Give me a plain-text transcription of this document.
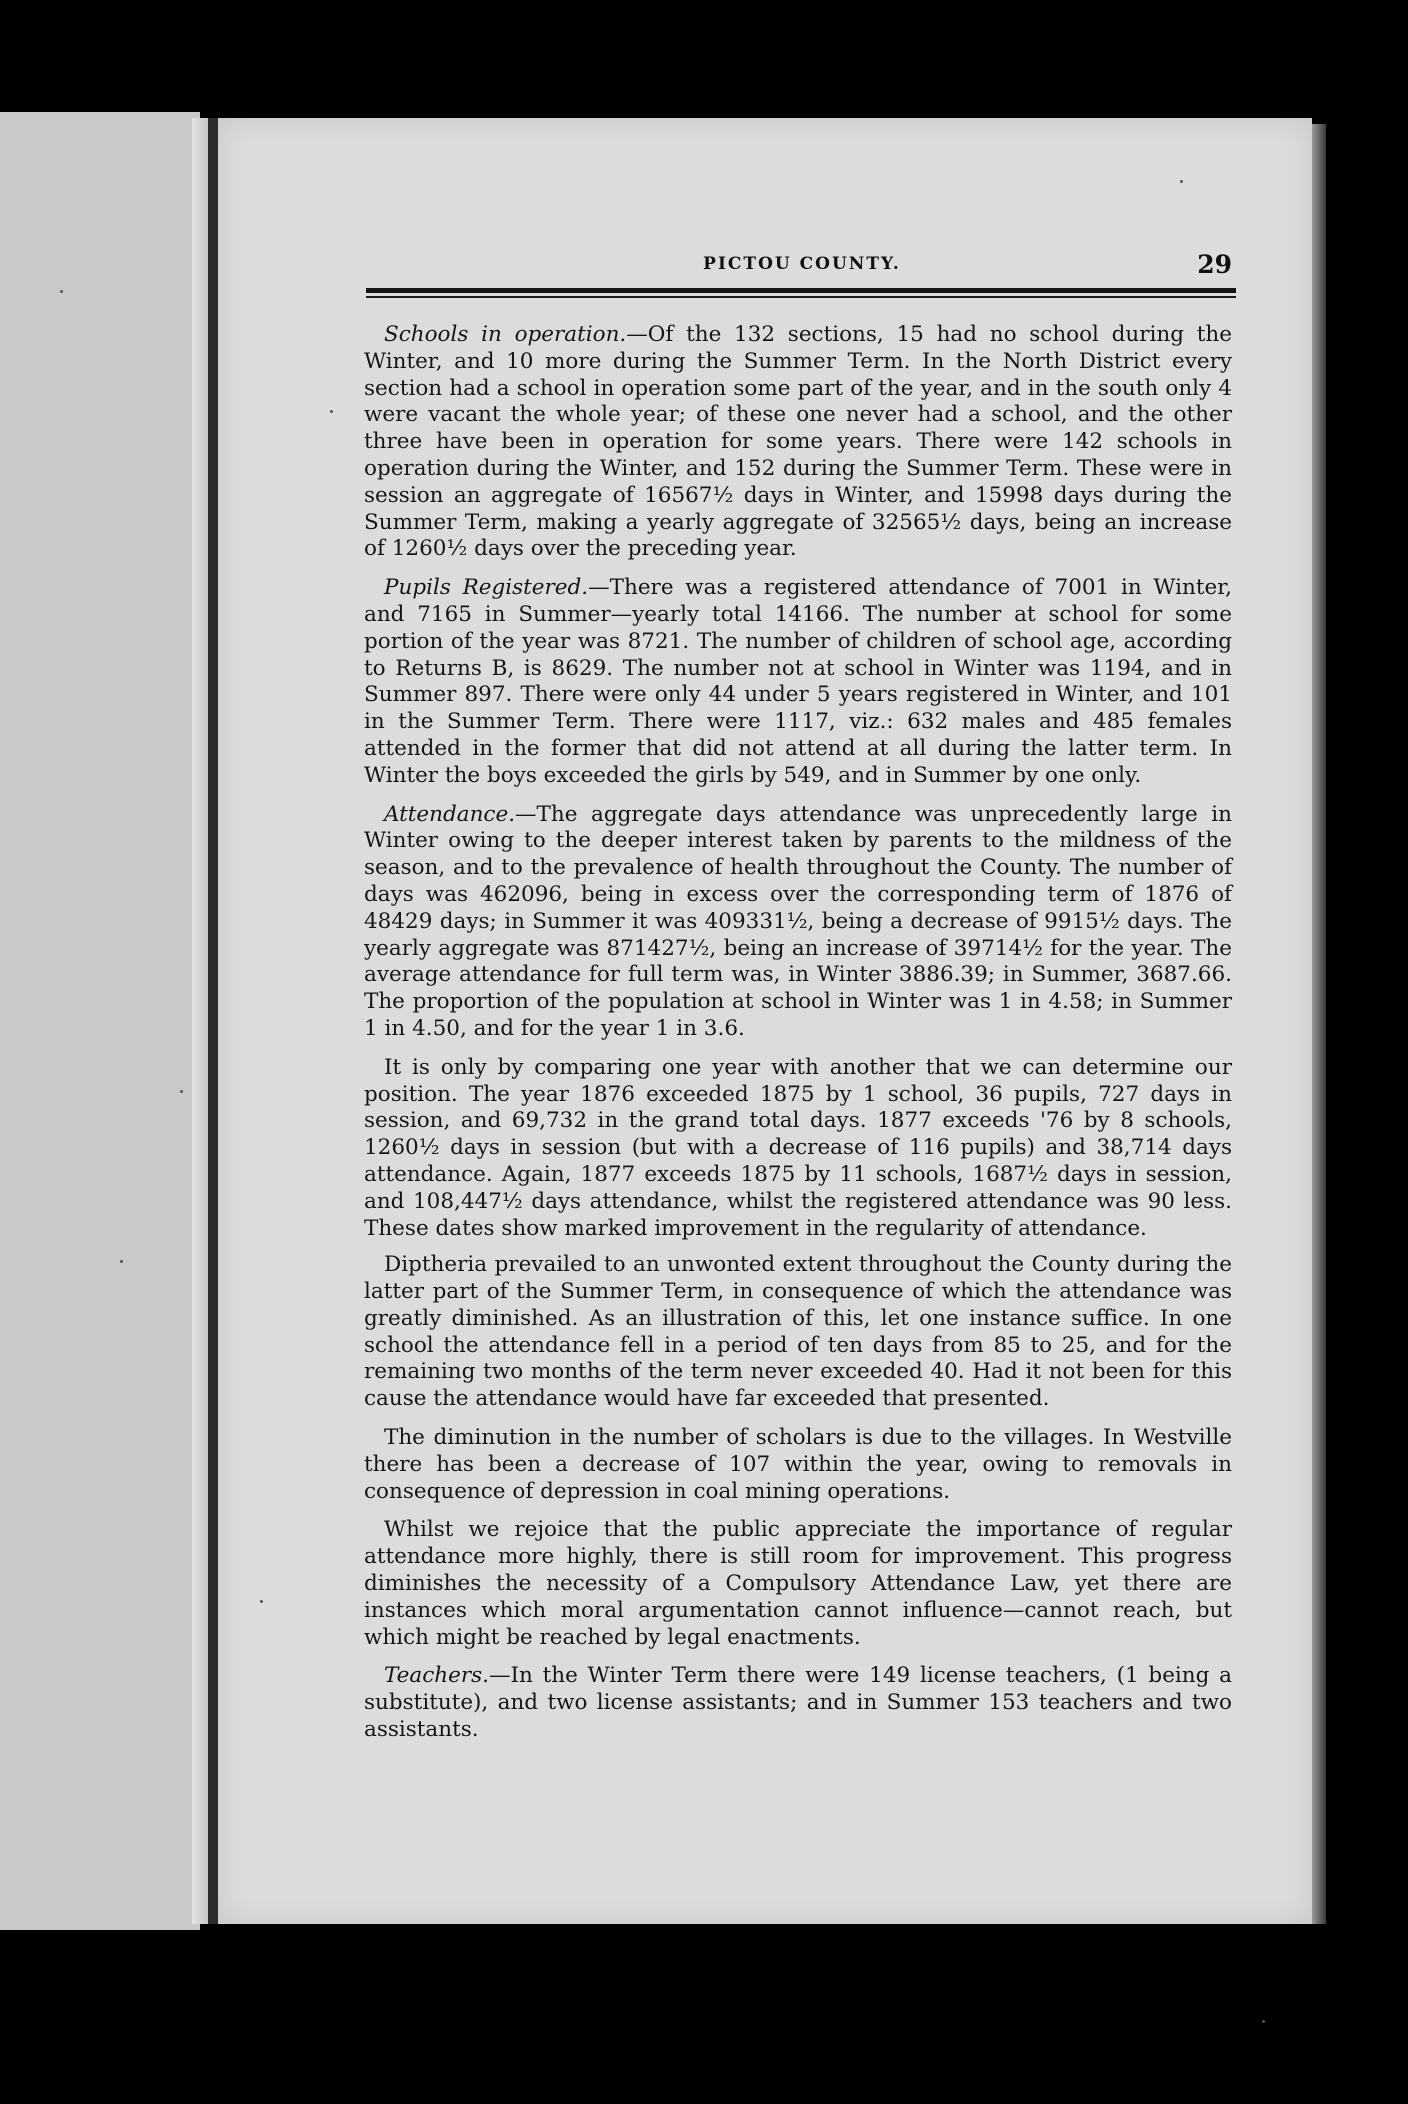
PICTOU COUNTY.	29

Schools in operation.—Of the 132 sections, 15 had no school during the Winter, and 10 more during the Summer Term. In the North District every section had a school in operation some part of the year, and in the south only 4 were vacant the whole year; of these one never had a school, and the other three have been in operation for some years. There were 142 schools in operation during the Winter, and 152 during the Summer Term. These were in session an aggregate of 16567½ days in Winter, and 15998 days during the Summer Term, making a yearly aggregate of 32565½ days, being an increase of 1260½ days over the preceding year.

Pupils Registered.—There was a registered attendance of 7001 in Winter, and 7165 in Summer—yearly total 14166. The number at school for some portion of the year was 8721. The number of children of school age, according to Returns B, is 8629. The number not at school in Winter was 1194, and in Summer 897. There were only 44 under 5 years registered in Winter, and 101 in the Summer Term. There were 1117, viz.: 632 males and 485 females attended in the former that did not attend at all during the latter term. In Winter the boys exceeded the girls by 549, and in Summer by one only.

Attendance.—The aggregate days attendance was unprecedently large in Winter owing to the deeper interest taken by parents to the mildness of the season, and to the prevalence of health throughout the County. The number of days was 462096, being in excess over the corresponding term of 1876 of 48429 days; in Summer it was 409331½, being a decrease of 9915½ days. The yearly aggregate was 871427½, being an increase of 39714½ for the year. The average attendance for full term was, in Winter 3886.39; in Summer, 3687.66. The proportion of the population at school in Winter was 1 in 4.58; in Summer 1 in 4.50, and for the year 1 in 3.6.

It is only by comparing one year with another that we can determine our position. The year 1876 exceeded 1875 by 1 school, 36 pupils, 727 days in session, and 69,732 in the grand total days. 1877 exceeds '76 by 8 schools, 1260½ days in session (but with a decrease of 116 pupils) and 38,714 days attendance. Again, 1877 exceeds 1875 by 11 schools, 1687½ days in session, and 108,447½ days attendance, whilst the registered attendance was 90 less. These dates show marked improvement in the regularity of attendance.

Diptheria prevailed to an unwonted extent throughout the County during the latter part of the Summer Term, in consequence of which the attendance was greatly diminished. As an illustration of this, let one instance suffice. In one school the attendance fell in a period of ten days from 85 to 25, and for the remaining two months of the term never exceeded 40. Had it not been for this cause the attendance would have far exceeded that presented.

The diminution in the number of scholars is due to the villages. In Westville there has been a decrease of 107 within the year, owing to removals in consequence of depression in coal mining operations.

Whilst we rejoice that the public appreciate the importance of regular attendance more highly, there is still room for improvement. This progress diminishes the necessity of a Compulsory Attendance Law, yet there are instances which moral argumentation cannot influence—cannot reach, but which might be reached by legal enactments.

Teachers.—In the Winter Term there were 149 license teachers, (1 being a substitute), and two license assistants; and in Summer 153 teachers and two assistants.
